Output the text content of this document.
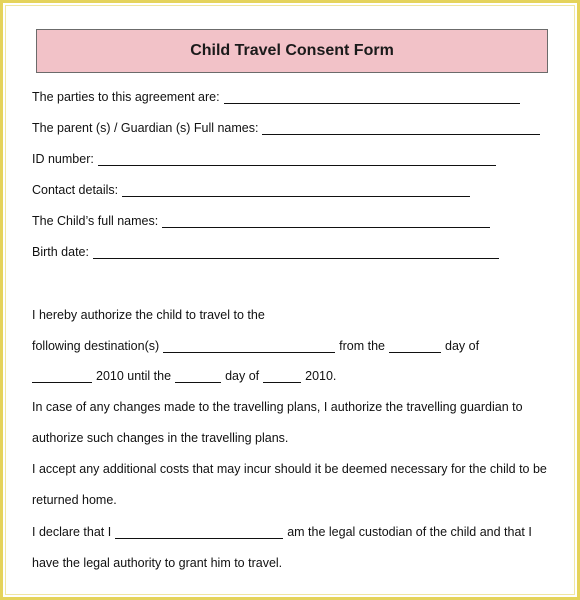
Child Travel Consent Form
The parties to this agreement are:
The parent (s) / Guardian (s) Full names:
ID number:
Contact details:
The Child’s full names:
Birth date:
I hereby authorize the child to travel to the
following destination(s)	from the	day of
2010 until the	day of	2010.
In case of any changes made to the travelling plans, I authorize the travelling guardian to
authorize such changes in the travelling plans.
I accept any additional costs that may incur should it be deemed necessary for the child to be
returned home.
I declare that I	am the legal custodian of the child and that I
have the legal authority to grant him to travel.
